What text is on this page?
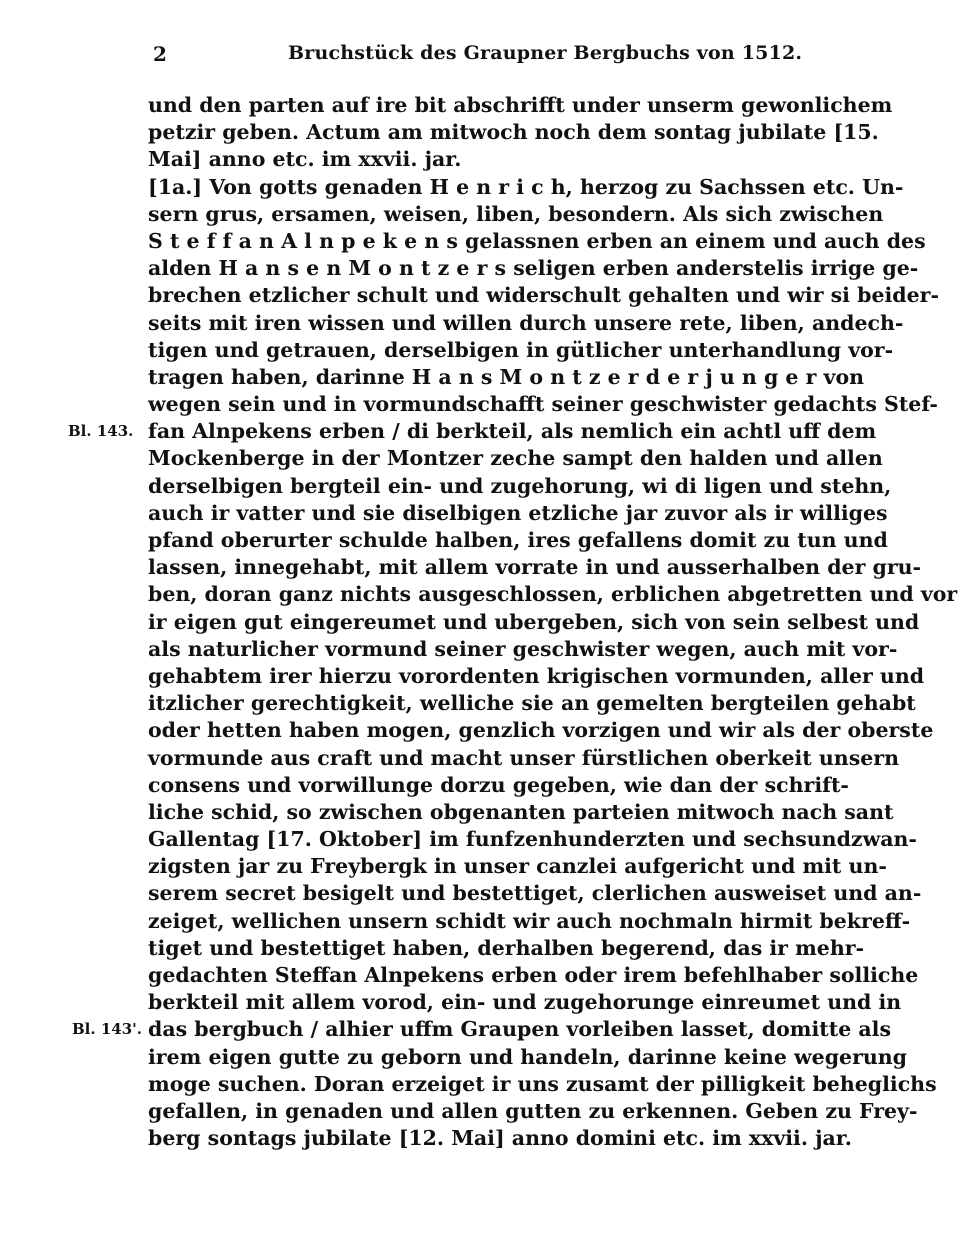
2	Bruchstück des Graupner Bergbuchs von 1512.
und den parten auf ire bit abschrifft under unserm gewonlichem
petzir geben. Actum am mitwoch noch dem sontag jubilate [15.
Mai] anno etc. im xxvii. jar.
[1a.] Von gotts genaden H e n r i c h, herzog zu Sachssen etc. Un-
sern grus, ersamen, weisen, liben, besondern. Als sich zwischen
S t e f f a n A l n p e k e n s gelassnen erben an einem und auch des
alden H a n s e n M o n t z e r s seligen erben anderstelis irrige ge-
brechen etzlicher schult und widerschult gehalten und wir si beider-
seits mit iren wissen und willen durch unsere rete, liben, andech-
tigen und getrauen, derselbigen in gütlicher unterhandlung vor-
tragen haben, darinne H a n s M o n t z e r d e r j u n g e r von
wegen sein und in vormundschafft seiner geschwister gedachts Stef-
Bl. 143. fan Alnpekens erben / di berkteil, als nemlich ein achtl uff dem
Mockenberge in der Montzer zeche sampt den halden und allen
derselbigen bergteil ein- und zugehorung, wi di ligen und stehn,
auch ir vatter und sie diselbigen etzliche jar zuvor als ir williges
pfand oberurter schulde halben, ires gefallens domit zu tun und
lassen, innegehabt, mit allem vorrate in und ausserhalben der gru-
ben, doran ganz nichts ausgeschlossen, erblichen abgetretten und vor
ir eigen gut eingereumet und ubergeben, sich von sein selbest und
als naturlicher vormund seiner geschwister wegen, auch mit vor-
gehabtem irer hierzu vorordenten krigischen vormunden, aller und
itzlicher gerechtigkeit, welliche sie an gemelten bergteilen gehabt
oder hetten haben mogen, genzlich vorzigen und wir als der oberste
vormunde aus craft und macht unser fürstlichen oberkeit unsern
consens und vorwillunge dorzu gegeben, wie dan der schrift-
liche schid, so zwischen obgenanten parteien mitwoch nach sant
Gallentag [17. Oktober] im funfzenhunderzten und sechsundzwan-
zigsten jar zu Freybergk in unser canzlei aufgericht und mit un-
serem secret besigelt und bestettiget, clerlichen ausweiset und an-
zeiget, wellichen unsern schidt wir auch nochmaln hirmit bekreff-
tiget und bestettiget haben, derhalben begerend, das ir mehr-
gedachten Steffan Alnpekens erben oder irem befehlhaber solliche
berkteil mit allem vorod, ein- und zugehorunge einreumet und in
Bl. 143'. das bergbuch / alhier uffm Graupen vorleiben lasset, domitte als
irem eigen gutte zu geborn und handeln, darinne keine wegerung
moge suchen. Doran erzeiget ir uns zusamt der pilligkeit beheglichs
gefallen, in genaden und allen gutten zu erkennen. Geben zu Frey-
berg sontags jubilate [12. Mai] anno domini etc. im xxvii. jar.
